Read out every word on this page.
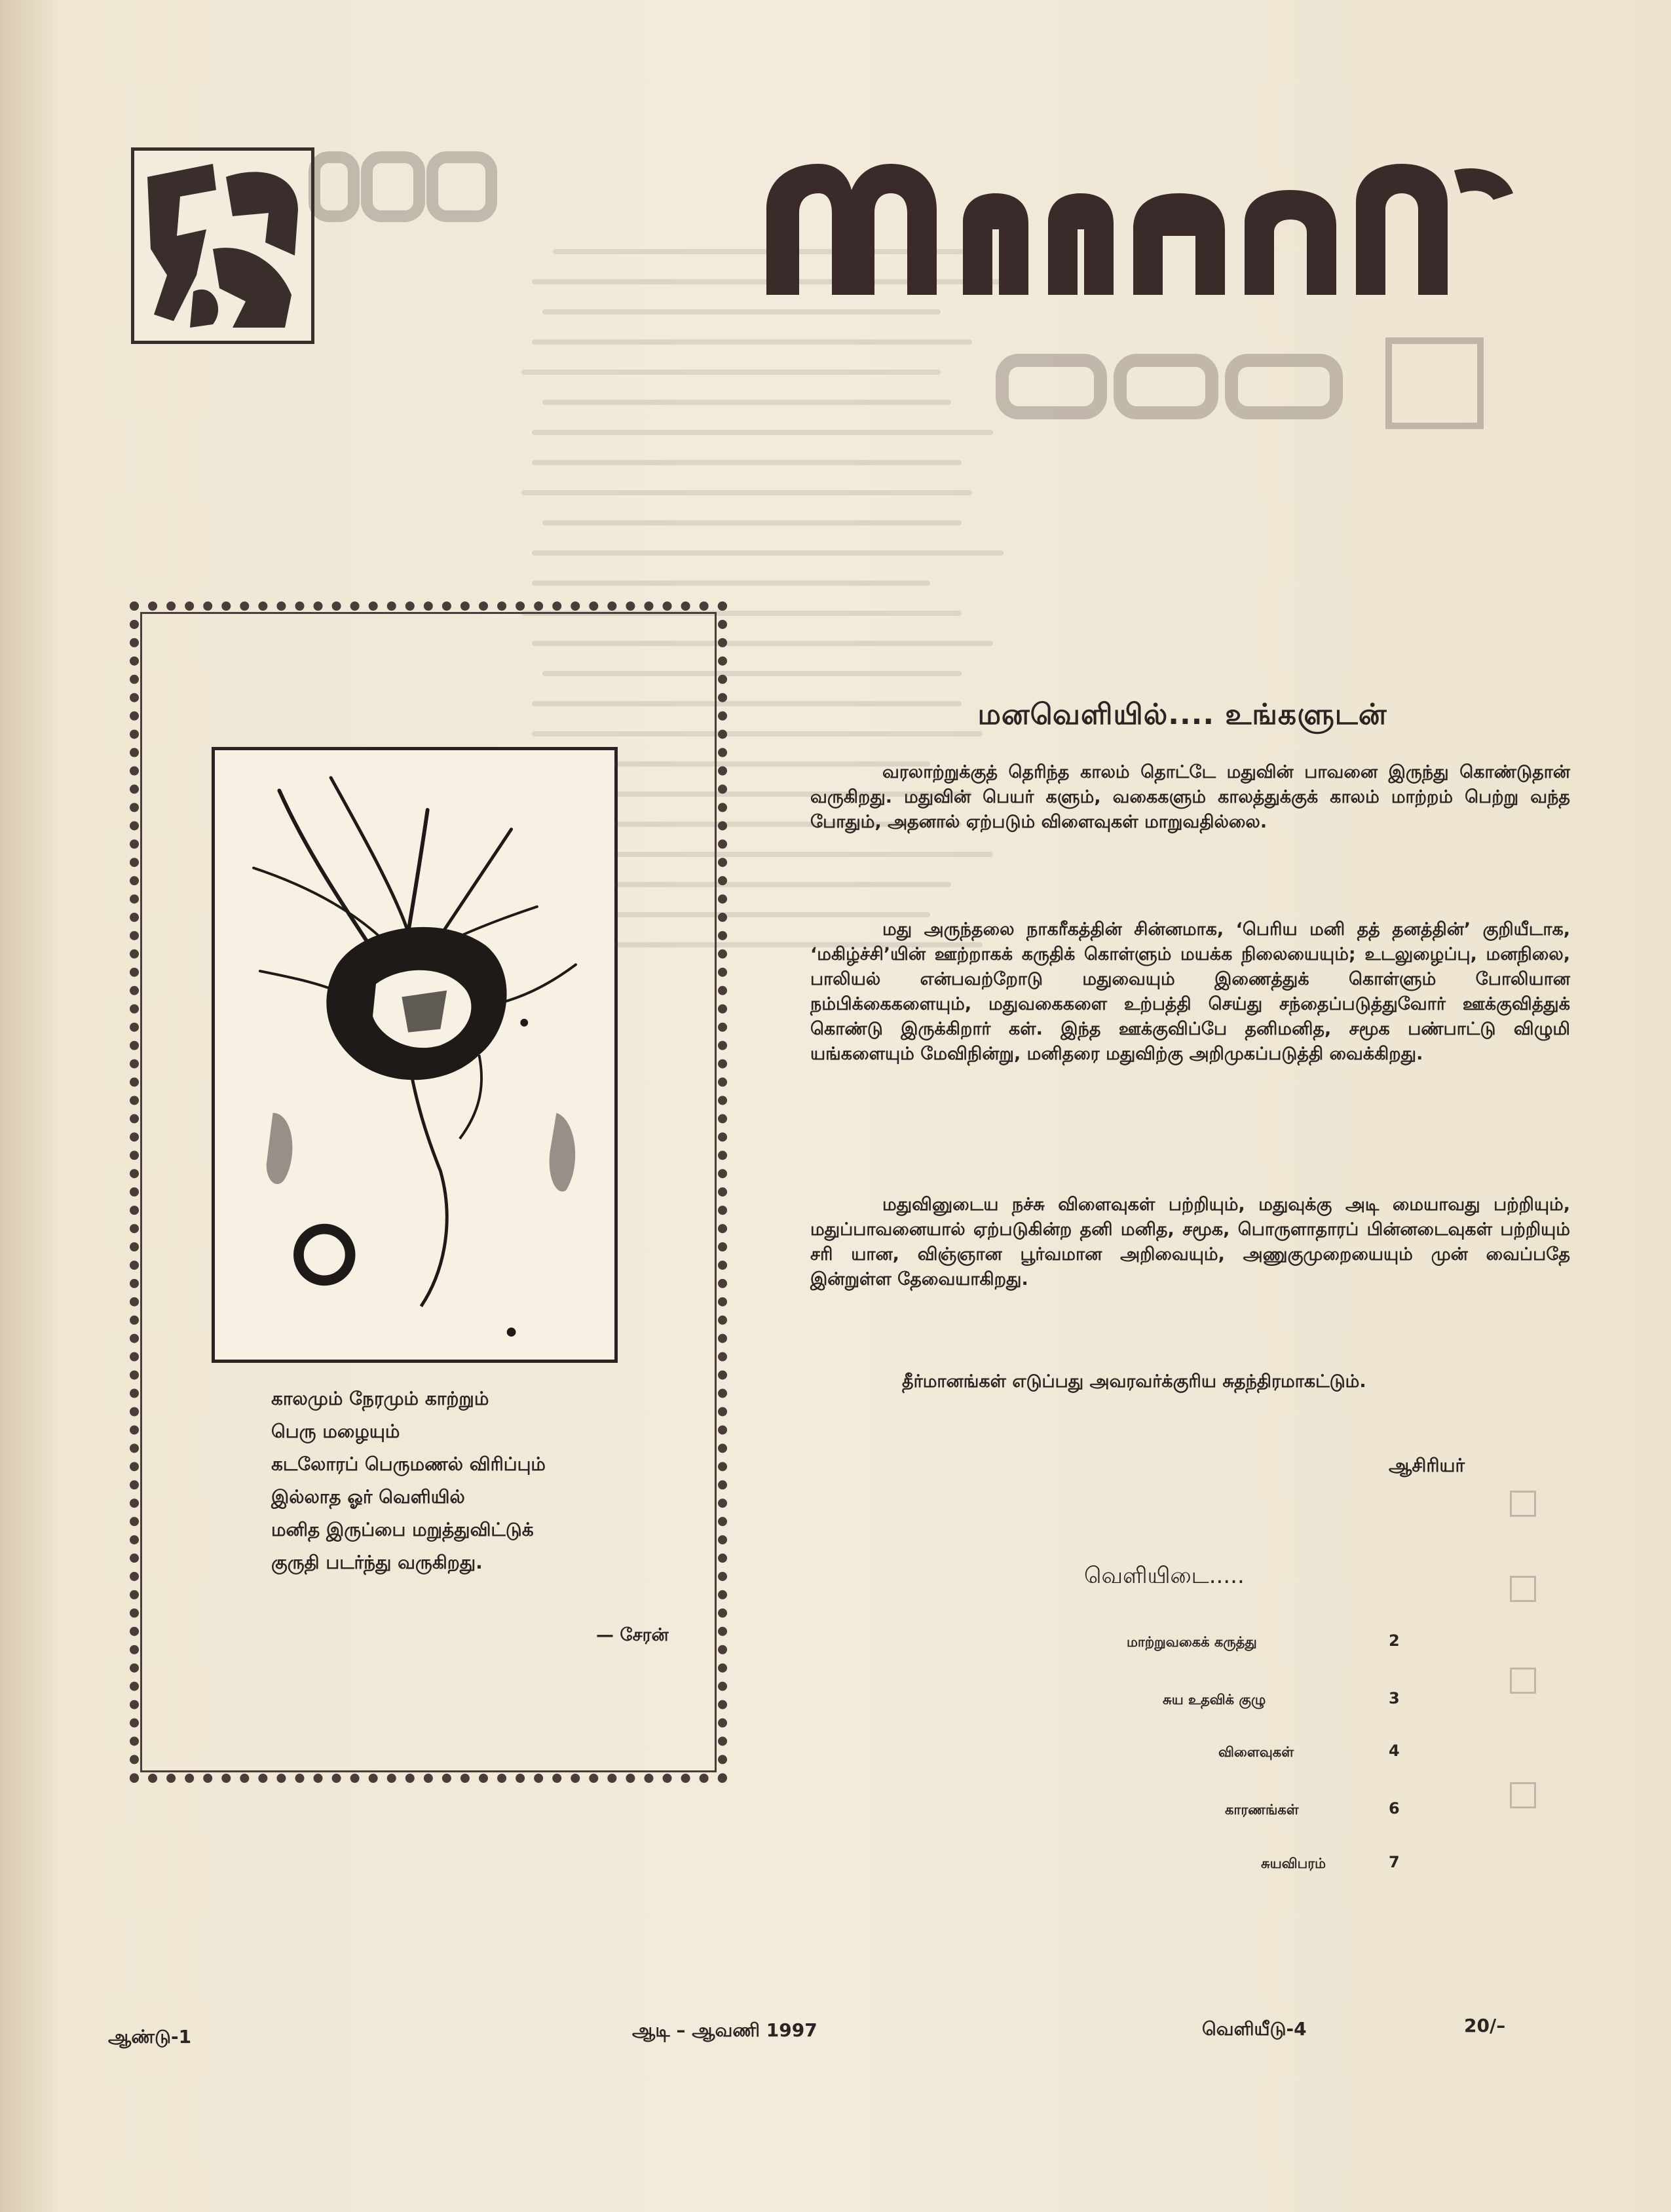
மனவெளி
காலமும் நேரமும் காற்றும்
பெரு மழையும்
கடலோரப் பெருமணல் விரிப்பும்
இல்லாத ஓர் வெளியில்
மனித இருப்பை மறுத்துவிட்டுக்
குருதி படர்ந்து வருகிறது.
— சேரன்
மனவெளியில்.... உங்களுடன்
வரலாற்றுக்குத் தெரிந்த காலம் தொட்டே மதுவின் பாவனை இருந்து கொண்டுதான் வருகிறது. மதுவின் பெயர் களும், வகைகளும் காலத்துக்குக் காலம் மாற்றம் பெற்று வந்த போதும், அதனால் ஏற்படும் விளைவுகள் மாறுவதில்லை.
மது அருந்தலை நாகரீகத்தின் சின்னமாக, ‘பெரிய மனி தத் தனத்தின்’ குறியீடாக, ‘மகிழ்ச்சி’யின் ஊற்றாகக் கருதிக் கொள்ளும் மயக்க நிலையையும்; உடலுழைப்பு, மனநிலை, பாலியல் என்பவற்றோடு மதுவையும் இணைத்துக் கொள்ளும் போலியான நம்பிக்கைகளையும், மதுவகைகளை உற்பத்தி செய்து சந்தைப்படுத்துவோர் ஊக்குவித்துக் கொண்டு இருக்கிறார் கள். இந்த ஊக்குவிப்பே தனிமனித, சமூக பண்பாட்டு விழுமி யங்களையும் மேவிநின்று, மனிதரை மதுவிற்கு அறிமுகப்படுத்தி வைக்கிறது.
மதுவினுடைய நச்சு விளைவுகள் பற்றியும், மதுவுக்கு அடி மையாவது பற்றியும், மதுப்பாவனையால் ஏற்படுகின்ற தனி மனித, சமூக, பொருளாதாரப் பின்னடைவுகள் பற்றியும் சரி யான, விஞ்ஞான பூர்வமான அறிவையும், அணுகுமுறையையும் முன் வைப்பதே இன்றுள்ள தேவையாகிறது.
தீர்மானங்கள் எடுப்பது அவரவர்க்குரிய சுதந்திரமாகட்டும்.
ஆசிரியர்
வெளியிடை.....
மாற்றுவகைக் கருத்து	2
சுய உதவிக் குழு	3
விளைவுகள்	4
காரணங்கள்	6
சுயவிபரம்	7
ஆண்டு-1	ஆடி – ஆவணி 1997	வெளியீடு-4	20/–
